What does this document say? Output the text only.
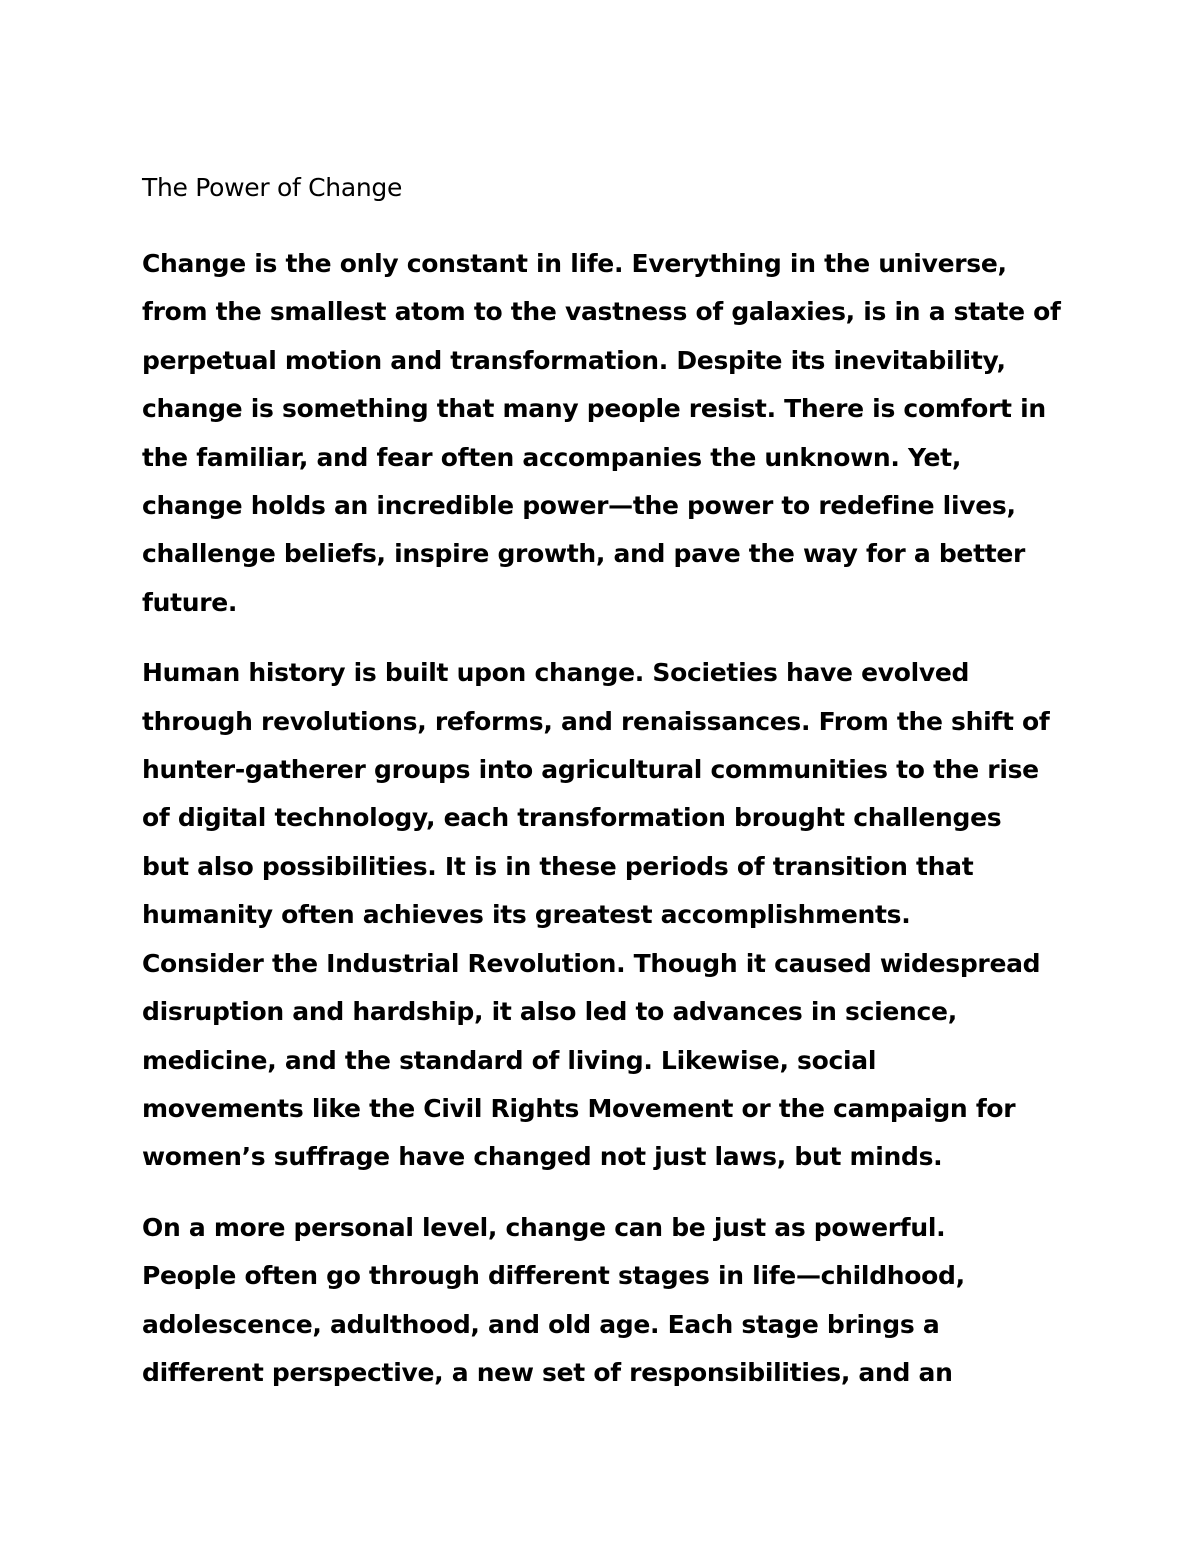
The Power of Change
Change is the only constant in life. Everything in the universe,
from the smallest atom to the vastness of galaxies, is in a state of
perpetual motion and transformation. Despite its inevitability,
change is something that many people resist. There is comfort in
the familiar, and fear often accompanies the unknown. Yet,
change holds an incredible power—the power to redefine lives,
challenge beliefs, inspire growth, and pave the way for a better
future.
Human history is built upon change. Societies have evolved
through revolutions, reforms, and renaissances. From the shift of
hunter-gatherer groups into agricultural communities to the rise
of digital technology, each transformation brought challenges
but also possibilities. It is in these periods of transition that
humanity often achieves its greatest accomplishments.
Consider the Industrial Revolution. Though it caused widespread
disruption and hardship, it also led to advances in science,
medicine, and the standard of living. Likewise, social
movements like the Civil Rights Movement or the campaign for
women’s suffrage have changed not just laws, but minds.
On a more personal level, change can be just as powerful.
People often go through different stages in life—childhood,
adolescence, adulthood, and old age. Each stage brings a
different perspective, a new set of responsibilities, and an
